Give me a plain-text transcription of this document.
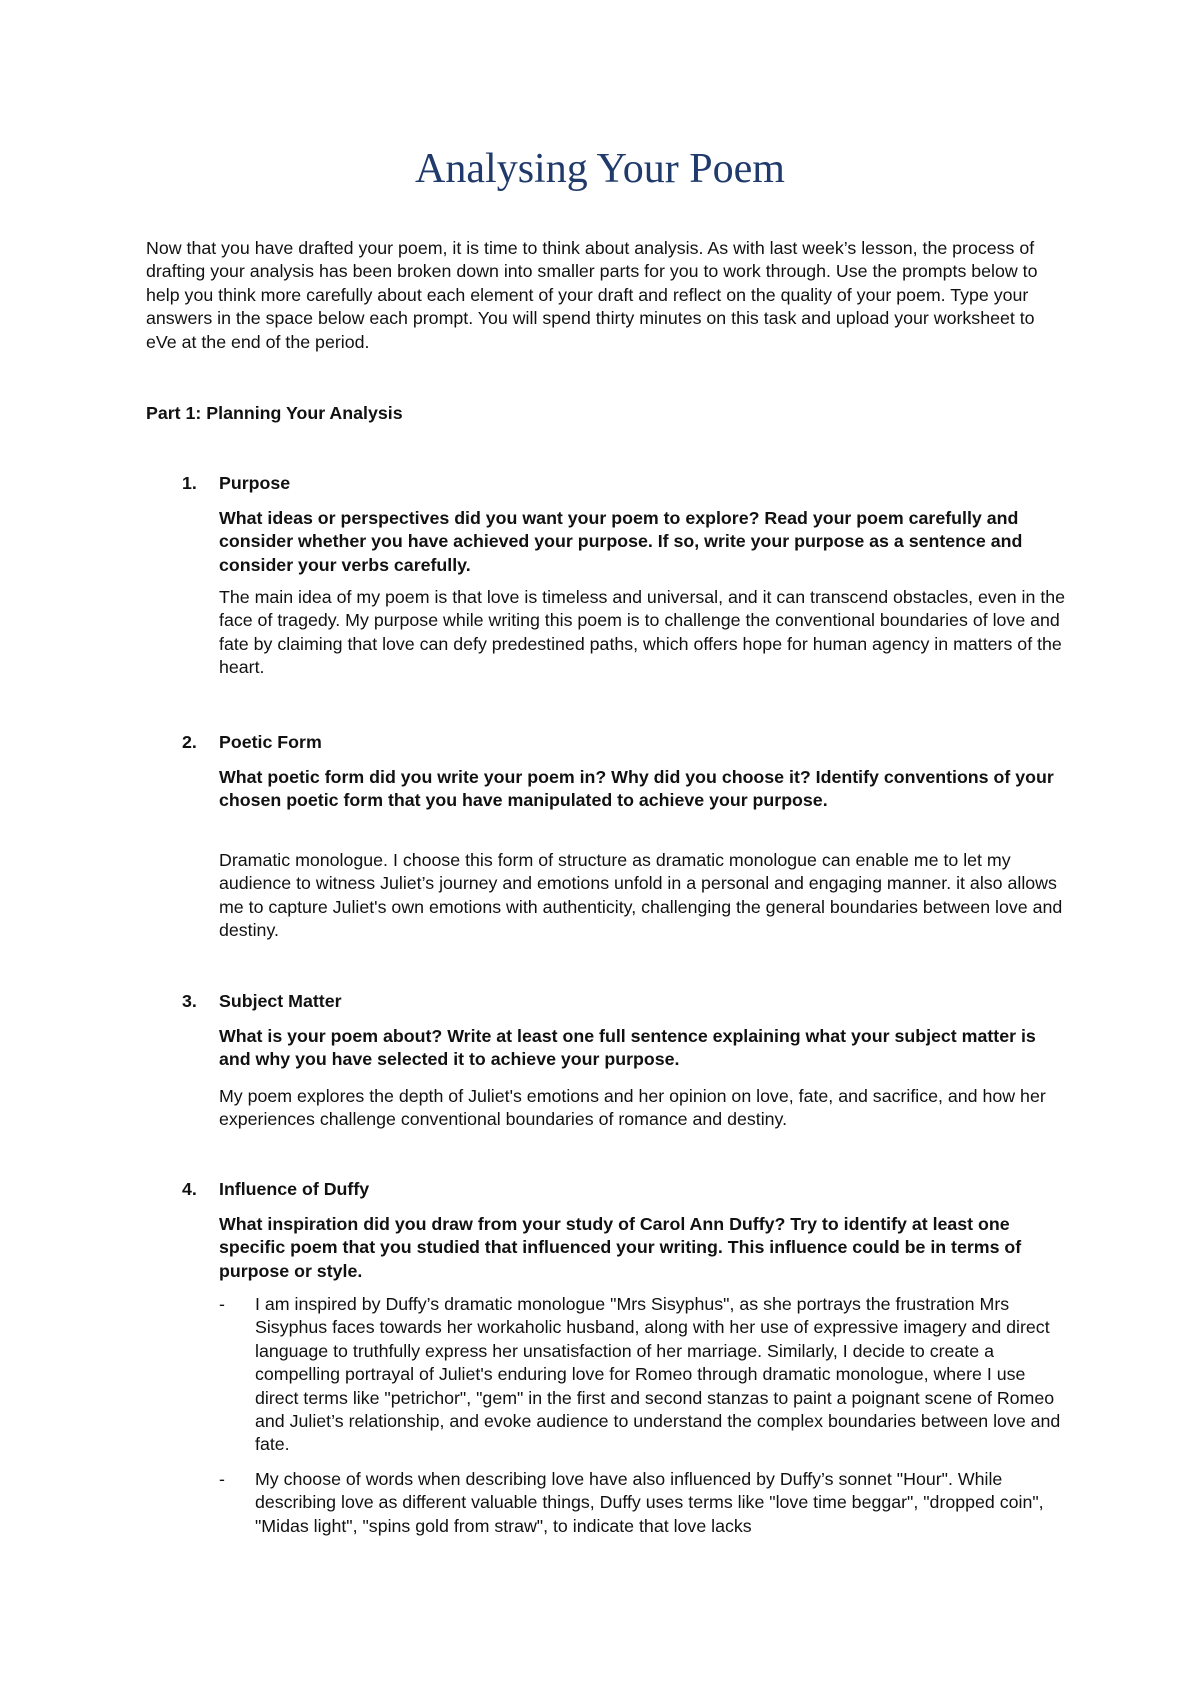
Analysing Your Poem

Now that you have drafted your poem, it is time to think about analysis. As with last week’s lesson, the process of drafting your analysis has been broken down into smaller parts for you to work through. Use the prompts below to help you think more carefully about each element of your draft and reflect on the quality of your poem. Type your answers in the space below each prompt. You will spend thirty minutes on this task and upload your worksheet to eVe at the end of the period.

Part 1: Planning Your Analysis

1. Purpose

What ideas or perspectives did you want your poem to explore? Read your poem carefully and consider whether you have achieved your purpose. If so, write your purpose as a sentence and consider your verbs carefully.

The main idea of my poem is that love is timeless and universal, and it can transcend obstacles, even in the face of tragedy. My purpose while writing this poem is to challenge the conventional boundaries of love and fate by claiming that love can defy predestined paths, which offers hope for human agency in matters of the heart.

2. Poetic Form

What poetic form did you write your poem in? Why did you choose it? Identify conventions of your chosen poetic form that you have manipulated to achieve your purpose.

Dramatic monologue. I choose this form of structure as dramatic monologue can enable me to let my audience to witness Juliet’s journey and emotions unfold in a personal and engaging manner. it also allows me to capture Juliet's own emotions with authenticity, challenging the general boundaries between love and destiny.

3. Subject Matter

What is your poem about? Write at least one full sentence explaining what your subject matter is and why you have selected it to achieve your purpose.

My poem explores the depth of Juliet's emotions and her opinion on love, fate, and sacrifice, and how her experiences challenge conventional boundaries of romance and destiny.

4. Influence of Duffy

What inspiration did you draw from your study of Carol Ann Duffy? Try to identify at least one specific poem that you studied that influenced your writing. This influence could be in terms of purpose or style.

- I am inspired by Duffy’s dramatic monologue "Mrs Sisyphus", as she portrays the frustration Mrs Sisyphus faces towards her workaholic husband, along with her use of expressive imagery and direct language to truthfully express her unsatisfaction of her marriage. Similarly, I decide to create a compelling portrayal of Juliet's enduring love for Romeo through dramatic monologue, where I use direct terms like "petrichor", "gem" in the first and second stanzas to paint a poignant scene of Romeo and Juliet’s relationship, and evoke audience to understand the complex boundaries between love and fate.
- My choose of words when describing love have also influenced by Duffy’s sonnet "Hour". While describing love as different valuable things, Duffy uses terms like "love time beggar", "dropped coin", "Midas light", "spins gold from straw", to indicate that love lacks
